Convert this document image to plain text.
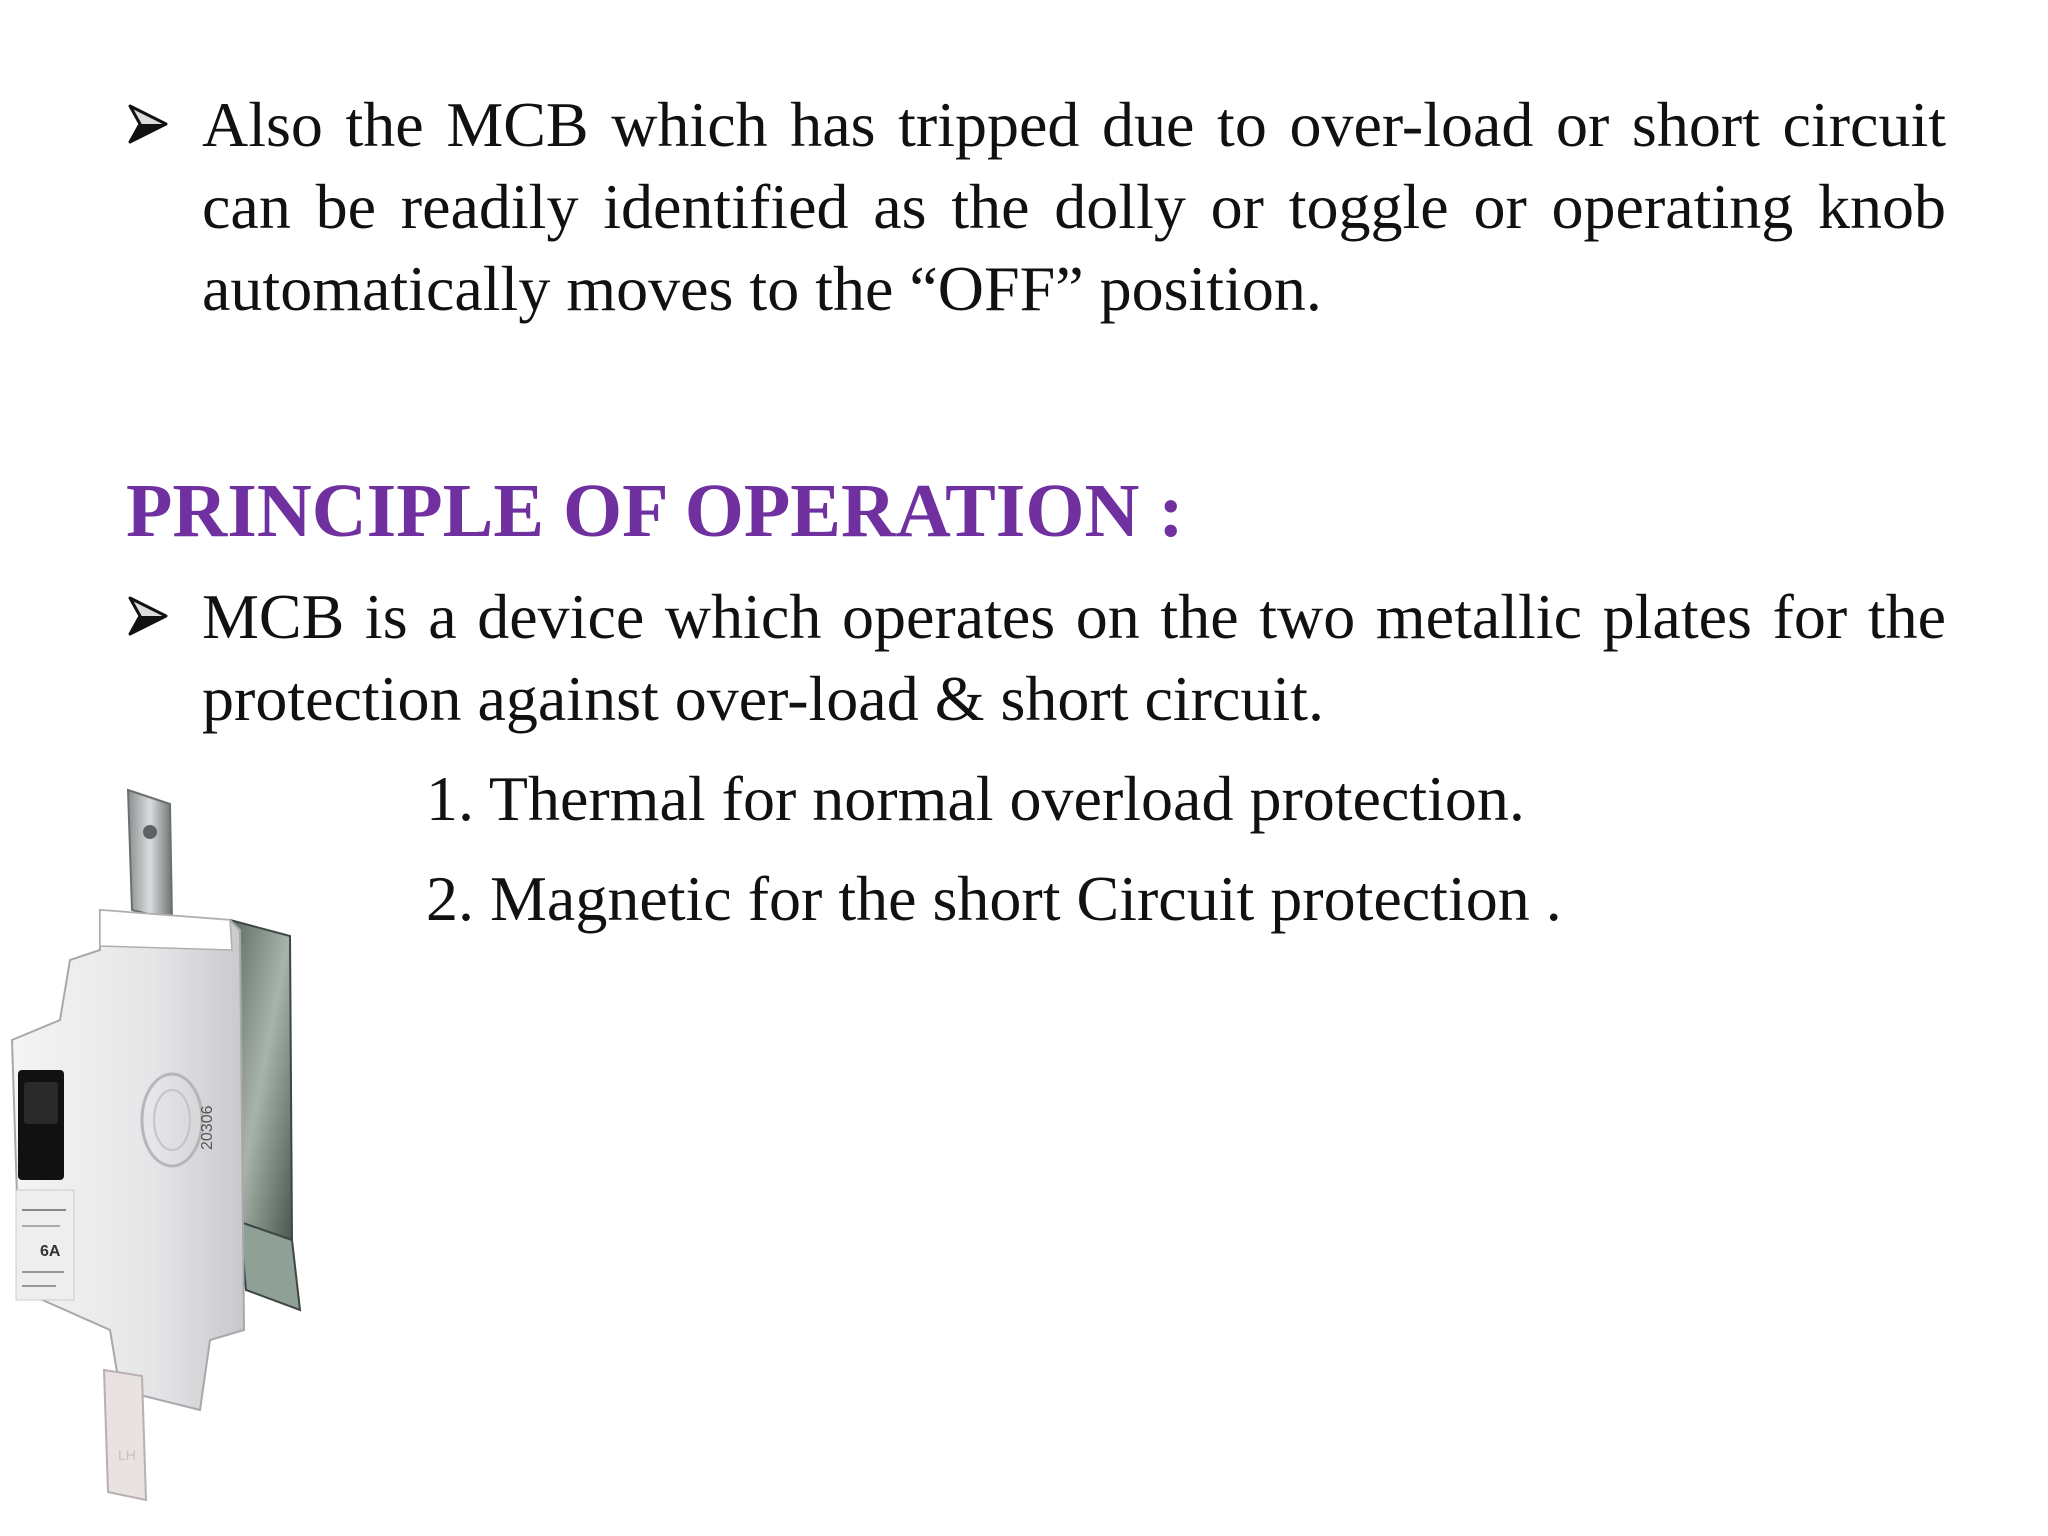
Also the MCB which has tripped due to over-load or short circuit can be readily identified as the dolly or toggle or operating knob automatically moves to the “OFF” position.
PRINCIPLE OF OPERATION :
MCB is a device which operates on the two metallic plates for the protection against over-load & short circuit.
1. Thermal for normal overload protection.
2. Magnetic for the short Circuit protection .
20306
6A
LH
